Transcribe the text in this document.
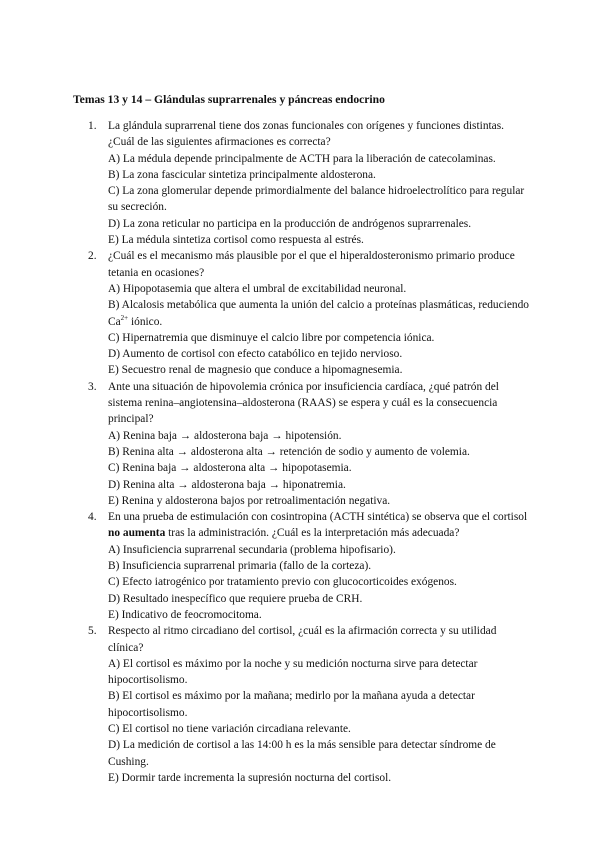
Temas 13 y 14 – Glándulas suprarrenales y páncreas endocrino
1. La glándula suprarrenal tiene dos zonas funcionales con orígenes y funciones distintas. ¿Cuál de las siguientes afirmaciones es correcta?
A) La médula depende principalmente de ACTH para la liberación de catecolaminas.
B) La zona fascicular sintetiza principalmente aldosterona.
C) La zona glomerular depende primordialmente del balance hidroelectrolítico para regular su secreción.
D) La zona reticular no participa en la producción de andrógenos suprarrenales.
E) La médula sintetiza cortisol como respuesta al estrés.
2. ¿Cuál es el mecanismo más plausible por el que el hiperaldosteronismo primario produce tetania en ocasiones?
A) Hipopotasemia que altera el umbral de excitabilidad neuronal.
B) Alcalosis metabólica que aumenta la unión del calcio a proteínas plasmáticas, reduciendo $Ca^{2+}$ iónico.
C) Hipernatremia que disminuye el calcio libre por competencia iónica.
D) Aumento de cortisol con efecto catabólico en tejido nervioso.
E) Secuestro renal de magnesio que conduce a hipomagnesemia.
3. Ante una situación de hipovolemia crónica por insuficiencia cardíaca, ¿qué patrón del sistema renina–angiotensina–aldosterona (RAAS) se espera y cuál es la consecuencia principal?
A) Renina baja → aldosterona baja → hipotensión.
B) Renina alta → aldosterona alta → retención de sodio y aumento de volemia.
C) Renina baja → aldosterona alta → hipopotasemia.
D) Renina alta → aldosterona baja → hiponatremia.
E) Renina y aldosterona bajos por retroalimentación negativa.
4. En una prueba de estimulación con cosintropina (ACTH sintética) se observa que el cortisol no aumenta tras la administración. ¿Cuál es la interpretación más adecuada?
A) Insuficiencia suprarrenal secundaria (problema hipofisario).
B) Insuficiencia suprarrenal primaria (fallo de la corteza).
C) Efecto iatrogénico por tratamiento previo con glucocorticoides exógenos.
D) Resultado inespecífico que requiere prueba de CRH.
E) Indicativo de feocromocitoma.
5. Respecto al ritmo circadiano del cortisol, ¿cuál es la afirmación correcta y su utilidad clínica?
A) El cortisol es máximo por la noche y su medición nocturna sirve para detectar hipocortisolismo.
B) El cortisol es máximo por la mañana; medirlo por la mañana ayuda a detectar hipocortisolismo.
C) El cortisol no tiene variación circadiana relevante.
D) La medición de cortisol a las 14:00 h es la más sensible para detectar síndrome de Cushing.
E) Dormir tarde incrementa la supresión nocturna del cortisol.
